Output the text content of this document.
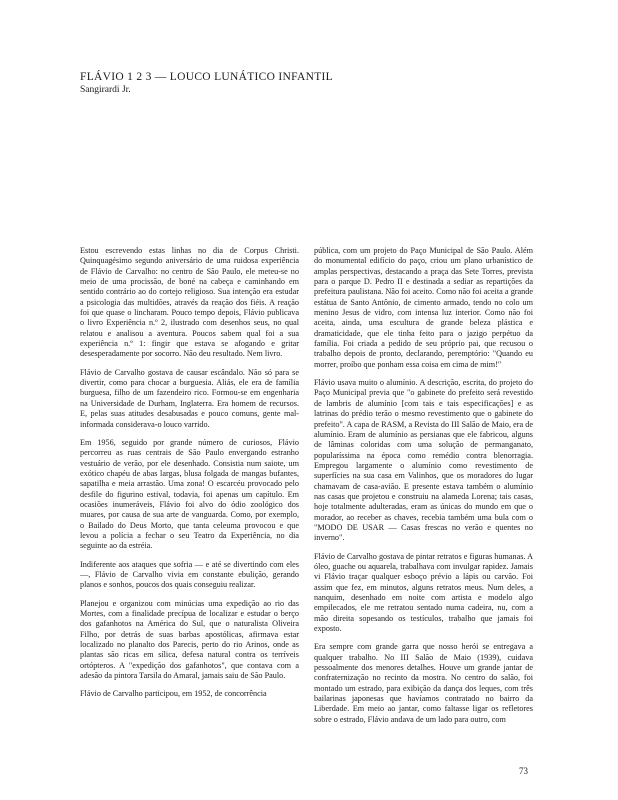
FLÁVIO 1 2 3 — LOUCO LUNÁTICO INFANTIL

Sangirardi Jr.

Estou escrevendo estas linhas no dia de Corpus Christi. Quinquagésimo segundo aniversário de uma ruidosa experiência de Flávio de Carvalho: no centro de São Paulo, ele meteu-se no meio de uma procissão, de boné na cabeça e caminhando em sentido contrário ao do cortejo religioso. Sua intenção era estudar a psicologia das multidões, através da reação dos fiéis. A reação foi que quase o lincharam. Pouco tempo depois, Flávio publicava o livro Experiência n.º 2, ilustrado com desenhos seus, no qual relatou e analisou a aventura. Poucos sabem qual foi a sua experiência n.º 1: fingir que estava se afogando e gritar desesperadamente por socorro. Não deu resultado. Nem livro.

Flávio de Carvalho gostava de causar escândalo. Não só para se divertir, como para chocar a burguesia. Aliás, ele era de família burguesa, filho de um fazendeiro rico. Formou-se em engenharia na Universidade de Durham, Inglaterra. Era homem de recursos. E, pelas suas atitudes desabusadas e pouco comuns, gente mal-informada considerava-o louco varrido.

Em 1956, seguido por grande número de curiosos, Flávio percorreu as ruas centrais de São Paulo envergando estranho vestuário de verão, por ele desenhado. Consistia num saiote, um exótico chapéu de abas largas, blusa folgada de mangas bufantes, sapatilha e meia arrastão. Uma zona! O escarcéu provocado pelo desfile do figurino estival, todavia, foi apenas um capítulo. Em ocasiões inumeráveis, Flávio foi alvo do ódio zoológico dos muares, por causa de sua arte de vanguarda. Como, por exemplo, o Bailado do Deus Morto, que tanta celeuma provocou e que levou a polícia a fechar o seu Teatro da Experiência, no dia seguinte ao da estréia.

Indiferente aos ataques que sofria — e até se divertindo com eles —, Flávio de Carvalho vivia em constante ebulição, gerando planos e sonhos, poucos dos quais conseguiu realizar.

Planejou e organizou com minúcias uma expedição ao rio das Mortes, com a finalidade precípua de localizar e estudar o berço dos gafanhotos na América do Sul, que o naturalista Oliveira Filho, por detrás de suas barbas apostólicas, afirmava estar localizado no planalto dos Parecis, perto do rio Arinos, onde as plantas são ricas em sílica, defesa natural contra os terríveis ortópteros. A "expedição dos gafanhotos", que contava com a adesão da pintora Tarsila do Amaral, jamais saiu de São Paulo.

Flávio de Carvalho participou, em 1952, de concorrência

pública, com um projeto do Paço Municipal de São Paulo. Além do monumental edifício do paço, criou um plano urbanístico de amplas perspectivas, destacando a praça das Sete Torres, prevista para o parque D. Pedro II e destinada a sediar as repartições da prefeitura paulistana. Não foi aceito. Como não foi aceita a grande estátua de Santo Antônio, de cimento armado, tendo no colo um menino Jesus de vidro, com intensa luz interior. Como não foi aceita, ainda, uma escultura de grande beleza plástica e dramaticidade, que ele tinha feito para o jazigo perpétuo da família. Foi criada a pedido de seu próprio pai, que recusou o trabalho depois de pronto, declarando, peremptório: "Quando eu morrer, proíbo que ponham essa coisa em cima de mim!"

Flávio usava muito o alumínio. A descrição, escrita, do projeto do Paço Municipal previa que "o gabinete do prefeito será revestido de lambris de alumínio [com tais e tais especificações] e as latrinas do prédio terão o mesmo revestimento que o gabinete do prefeito". A capa de RASM, a Revista do III Salão de Maio, era de alumínio. Eram de alumínio as persianas que ele fabricou, alguns de lâminas coloridas com uma solução de permanganato, popularíssima na época como remédio contra blenorragia. Empregou largamente o alumínio como revestimento de superfícies na sua casa em Valinhos, que os moradores do lugar chamavam de casa-avião. E presente estava também o alumínio nas casas que projetou e construiu na alameda Lorena; tais casas, hoje totalmente adulteradas, eram as únicas do mundo em que o morador, ao receber as chaves, recebia também uma bula com o "MODO DE USAR — Casas frescas no verão e quentes no inverno".

Flávio de Carvalho gostava de pintar retratos e figuras humanas. A óleo, guache ou aquarela, trabalhava com invulgar rapidez. Jamais vi Flávio traçar qualquer esboço prévio a lápis ou carvão. Foi assim que fez, em minutos, alguns retratos meus. Num deles, a nanquim, desenhado em noite com artista e modelo algo empilecados, ele me retratou sentado numa cadeira, nu, com a mão direita sopesando os testículos, trabalho que jamais foi exposto.

Era sempre com grande garra que nosso herói se entregava a qualquer trabalho. No III Salão de Maio (1939), cuidava pessoalmente dos menores detalhes. Houve um grande jantar de confraternização no recinto da mostra. No centro do salão, foi montado um estrado, para exibição da dança dos leques, com três bailarinas japonesas que havíamos contratado no bairro da Liberdade. Em meio ao jantar, como faltasse ligar os refletores sobre o estrado, Flávio andava de um lado para outro, com

73
